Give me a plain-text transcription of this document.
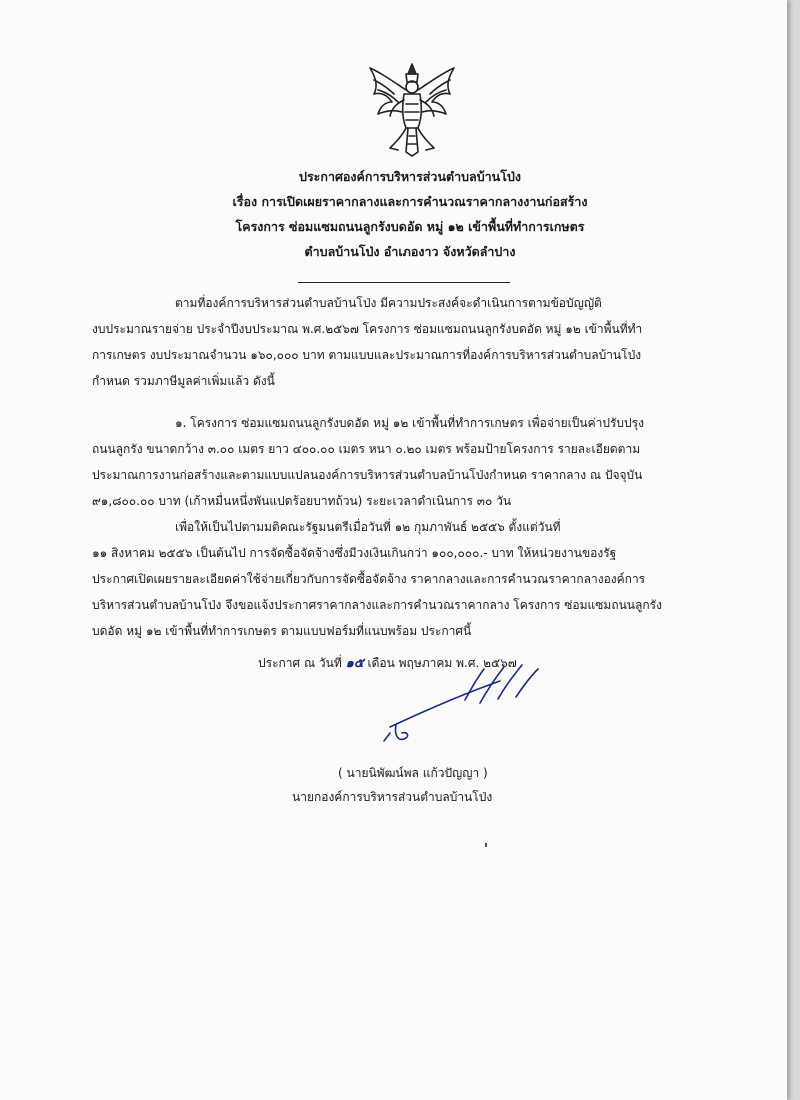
ประกาศองค์การบริหารส่วนตำบลบ้านโป่ง
เรื่อง การเปิดเผยราคากลางและการคำนวณราคากลางงานก่อสร้าง
โครงการ ซ่อมแซมถนนลูกรังบดอัด หมู่ ๑๒ เข้าพื้นที่ทำการเกษตร
ตำบลบ้านโป่ง อำเภองาว จังหวัดลำปาง
ตามที่องค์การบริหารส่วนตำบลบ้านโป่ง มีความประสงค์จะดำเนินการตามข้อบัญญัติ
งบประมาณรายจ่าย ประจำปีงบประมาณ พ.ศ.๒๕๖๗ โครงการ ซ่อมแซมถนนลูกรังบดอัด หมู่ ๑๒ เข้าพื้นที่ทำ
การเกษตร งบประมาณจำนวน ๑๖๐,๐๐๐ บาท ตามแบบและประมาณการที่องค์การบริหารส่วนตำบลบ้านโป่ง
กำหนด รวมภาษีมูลค่าเพิ่มแล้ว ดังนี้
๑. โครงการ ซ่อมแซมถนนลูกรังบดอัด หมู่ ๑๒ เข้าพื้นที่ทำการเกษตร เพื่อจ่ายเป็นค่าปรับปรุง
ถนนลูกรัง ขนาดกว้าง ๓.๐๐ เมตร ยาว ๔๐๐.๐๐ เมตร หนา ๐.๒๐ เมตร พร้อมป้ายโครงการ รายละเอียดตาม
ประมาณการงานก่อสร้างและตามแบบแปลนองค์การบริหารส่วนตำบลบ้านโป่งกำหนด ราคากลาง ณ ปัจจุบัน
๙๑,๘๐๐.๐๐ บาท (เก้าหมื่นหนึ่งพันแปดร้อยบาทถ้วน) ระยะเวลาดำเนินการ ๓๐ วัน
เพื่อให้เป็นไปตามมติคณะรัฐมนตรีเมื่อวันที่ ๑๒ กุมภาพันธ์ ๒๕๕๖ ตั้งแต่วันที่
๑๑ สิงหาคม ๒๕๕๖ เป็นต้นไป การจัดซื้อจัดจ้างซึ่งมีวงเงินเกินกว่า ๑๐๐,๐๐๐.- บาท ให้หน่วยงานของรัฐ
ประกาศเปิดเผยรายละเอียดค่าใช้จ่ายเกี่ยวกับการจัดซื้อจัดจ้าง ราคากลางและการคำนวณราคากลางองค์การ
บริหารส่วนตำบลบ้านโป่ง จึงขอแจ้งประกาศราคากลางและการคำนวณราคากลาง โครงการ ซ่อมแซมถนนลูกรัง
บดอัด หมู่ ๑๒ เข้าพื้นที่ทำการเกษตร ตามแบบฟอร์มที่แนบพร้อม ประกาศนี้
ประกาศ ณ วันที่ ๑๕ เดือน พฤษภาคม พ.ศ. ๒๕๖๗
( นายนิพัฒน์พล แก้วปัญญา )
นายกองค์การบริหารส่วนตำบลบ้านโป่ง
